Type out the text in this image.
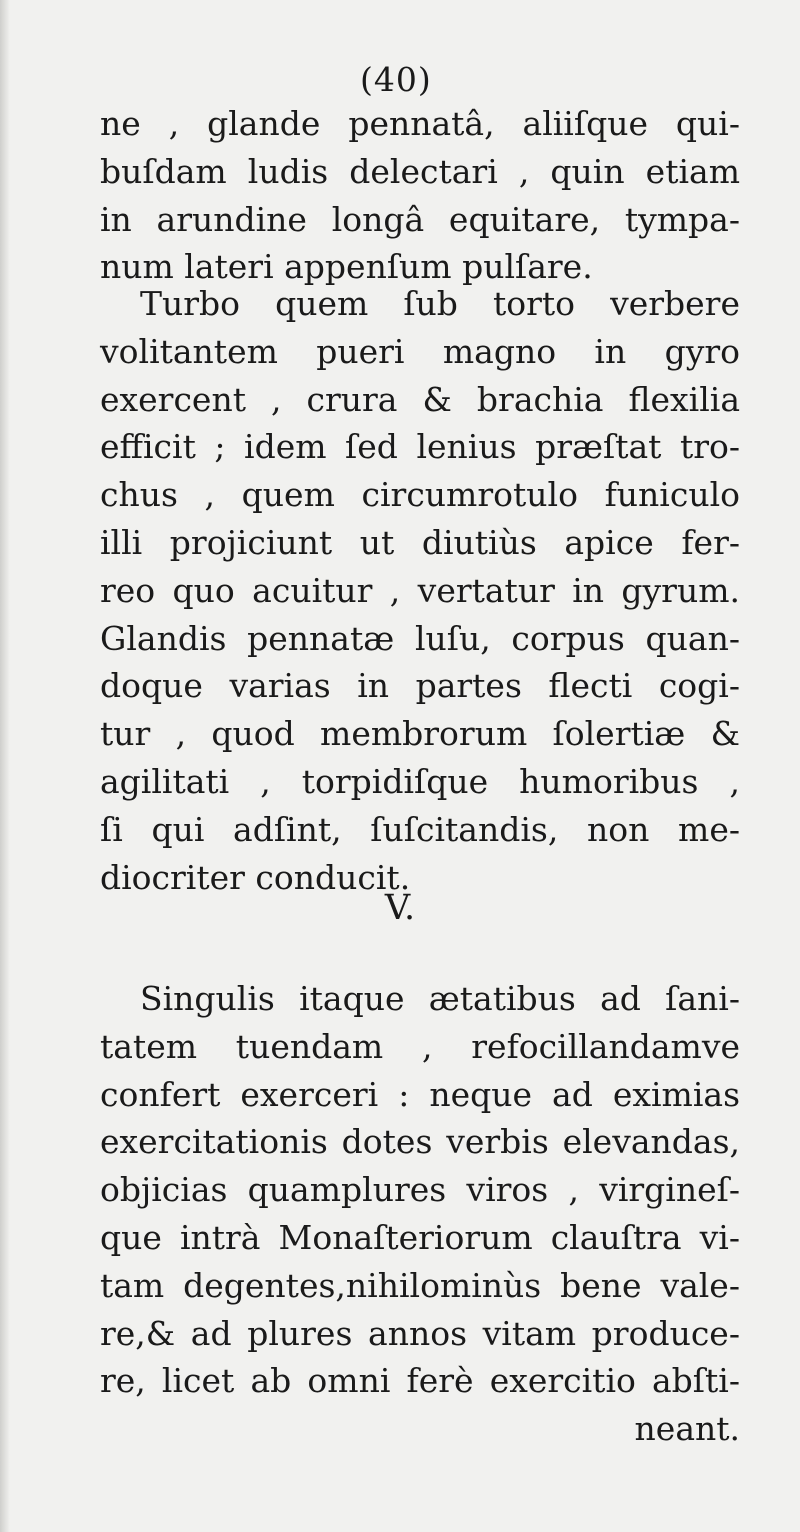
(40)
ne , glande pennatâ, aliiſque qui-
buſdam ludis delectari , quin etiam
in arundine longâ equitare, tympa-
num lateri appenſum pulſare.
Turbo quem ſub torto verbere
volitantem pueri magno in gyro
exercent , crura & brachia flexilia
efficit ; idem ſed lenius præſtat tro-
chus , quem circumrotulo funiculo
illi projiciunt ut diutiùs apice fer-
reo quo acuitur , vertatur in gyrum.
Glandis pennatæ luſu, corpus quan-
doque varias in partes flecti cogi-
tur , quod membrorum ſolertiæ &
agilitati , torpidiſque humoribus ,
ſi qui adſint, ſuſcitandis, non me-
diocriter conducit.
V.
Singulis itaque ætatibus ad ſani-
tatem tuendam , refocillandamve
confert exerceri : neque ad eximias
exercitationis dotes verbis elevandas,
objicias quamplures viros , virgineſ-
que intrà Monaſteriorum clauſtra vi-
tam degentes,nihilominùs bene vale-
re,& ad plures annos vitam produce-
re, licet ab omni ferè exercitio abſti-
neant.
